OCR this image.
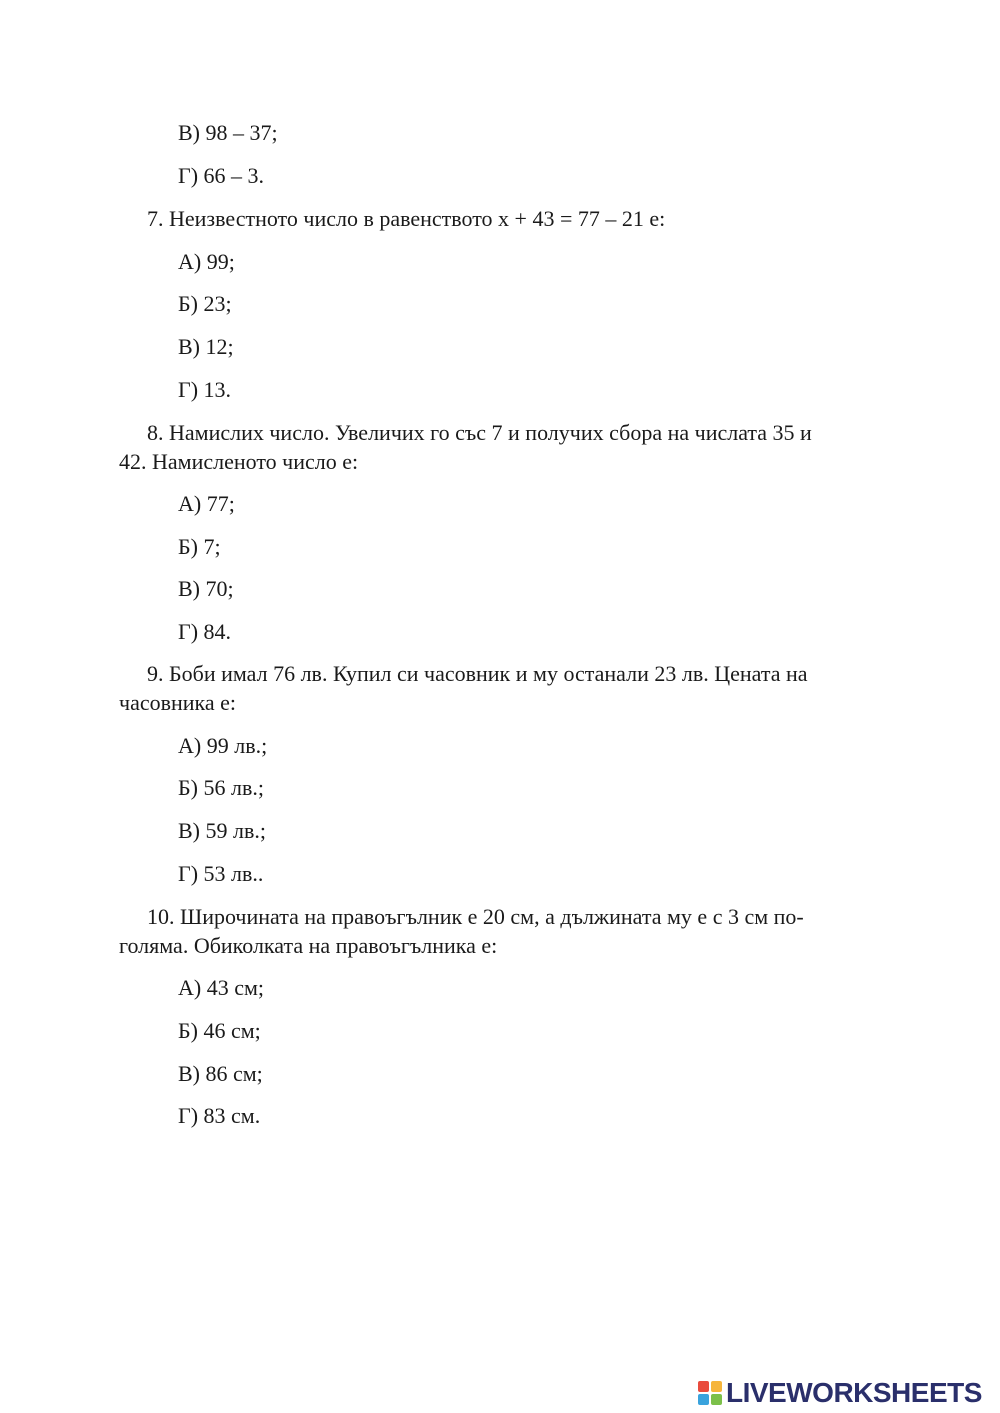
В) 98 – 37;

Г) 66 – 3.

7. Неизвестното число в равенството x + 43 = 77 – 21 е:

А) 99;

Б) 23;

В) 12;

Г) 13.

8. Намислих число. Увеличих го със 7 и получих сбора на числата 35 и

42. Намисленото число е:

А) 77;

Б) 7;

В) 70;

Г) 84.

9. Боби имал 76 лв. Купил си часовник и му останали 23 лв. Цената на

часовника е:

А) 99 лв.;

Б) 56 лв.;

В) 59 лв.;

Г) 53 лв..

10. Широчината на правоъгълник е 20 см, а дължината му е с 3 см по-

голяма. Обиколката на правоъгълника е:

А) 43 см;

Б) 46 см;

В) 86 см;

Г) 83 см.

LIVEWORKSHEETS
